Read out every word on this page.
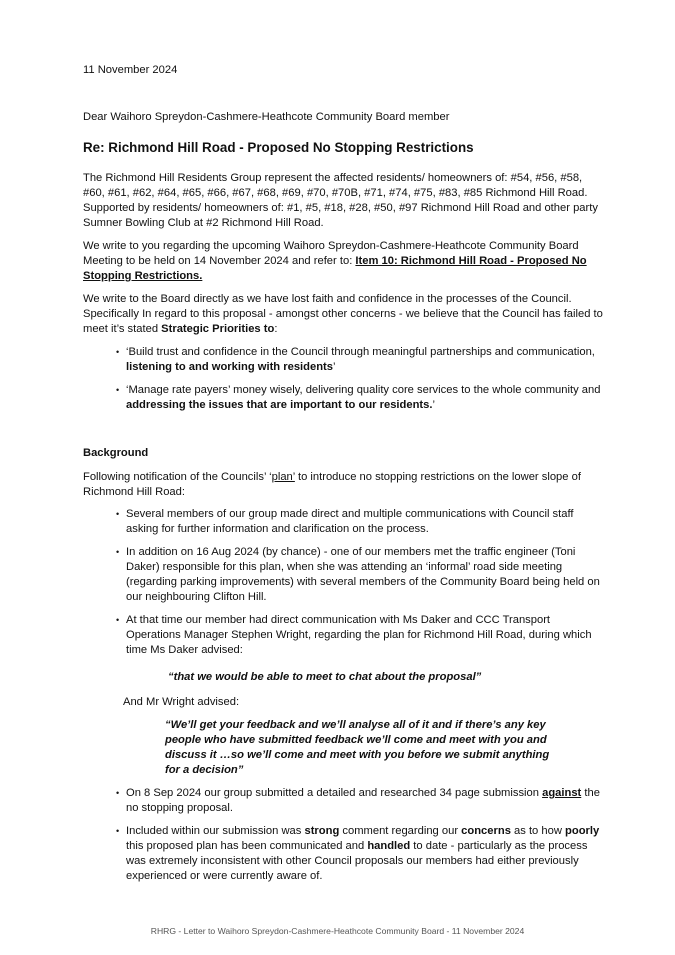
11 November 2024

Dear Waihoro Spreydon-Cashmere-Heathcote Community Board member

Re: Richmond Hill Road - Proposed No Stopping Restrictions

The Richmond Hill Residents Group represent the affected residents/ homeowners of: #54, #56, #58, #60, #61, #62, #64, #65, #66, #67, #68, #69, #70, #70B, #71, #74, #75, #83, #85 Richmond Hill Road. Supported by residents/ homeowners of: #1, #5, #18, #28, #50, #97 Richmond Hill Road and other party Sumner Bowling Club at #2 Richmond Hill Road.

We write to you regarding the upcoming Waihoro Spreydon-Cashmere-Heathcote Community Board Meeting to be held on 14 November 2024 and refer to: Item 10: Richmond Hill Road - Proposed No Stopping Restrictions.

We write to the Board directly as we have lost faith and confidence in the processes of the Council. Specifically In regard to this proposal - amongst other concerns - we believe that the Council has failed to meet it’s stated Strategic Priorities to:

• ‘Build trust and confidence in the Council through meaningful partnerships and communication, listening to and working with residents’
• ‘Manage rate payers’ money wisely, delivering quality core services to the whole community and addressing the issues that are important to our residents.’

Background

Following notification of the Councils’ ‘plan’ to introduce no stopping restrictions on the lower slope of Richmond Hill Road:

• Several members of our group made direct and multiple communications with Council staff asking for further information and clarification on the process.
• In addition on 16 Aug 2024 (by chance) - one of our members met the traffic engineer (Toni Daker) responsible for this plan, when she was attending an ‘informal’ road side meeting (regarding parking improvements) with several members of the Community Board being held on our neighbouring Clifton Hill.
• At that time our member had direct communication with Ms Daker and CCC Transport Operations Manager Stephen Wright, regarding the plan for Richmond Hill Road, during which time Ms Daker advised:

“that we would be able to meet to chat about the proposal”

And Mr Wright advised:

“We’ll get your feedback and we’ll analyse all of it and if there’s any key people who have submitted feedback we’ll come and meet with you and discuss it …so we’ll come and meet with you before we submit anything for a decision”

• On 8 Sep 2024 our group submitted a detailed and researched 34 page submission against the no stopping proposal.
• Included within our submission was strong comment regarding our concerns as to how poorly this proposed plan has been communicated and handled to date - particularly as the process was extremely inconsistent with other Council proposals our members had either previously experienced or were currently aware of.
RHRG - Letter to Waihoro Spreydon-Cashmere-Heathcote Community Board - 11 November 2024
